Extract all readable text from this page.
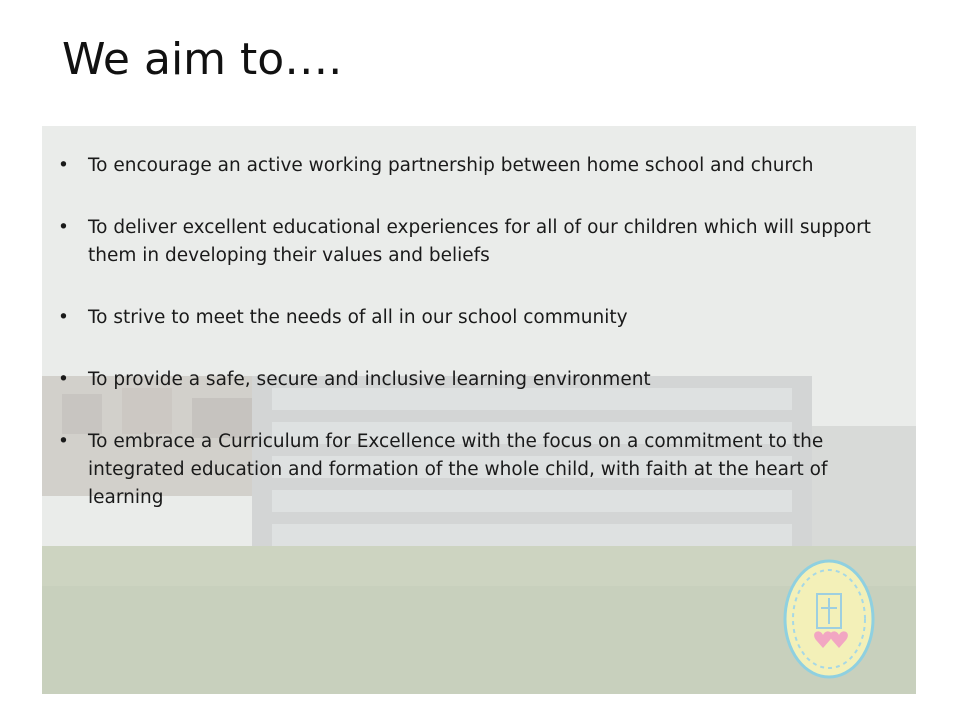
We aim to….
• To encourage an active working partnership between home school and church
• To deliver excellent educational experiences for all of our children which will support them in developing their values and beliefs
• To strive to meet the needs of all in our school community
• To provide a safe, secure and inclusive learning environment
• To embrace a Curriculum for Excellence with the focus on a commitment to the integrated education and formation of the whole child, with faith at the heart of learning
